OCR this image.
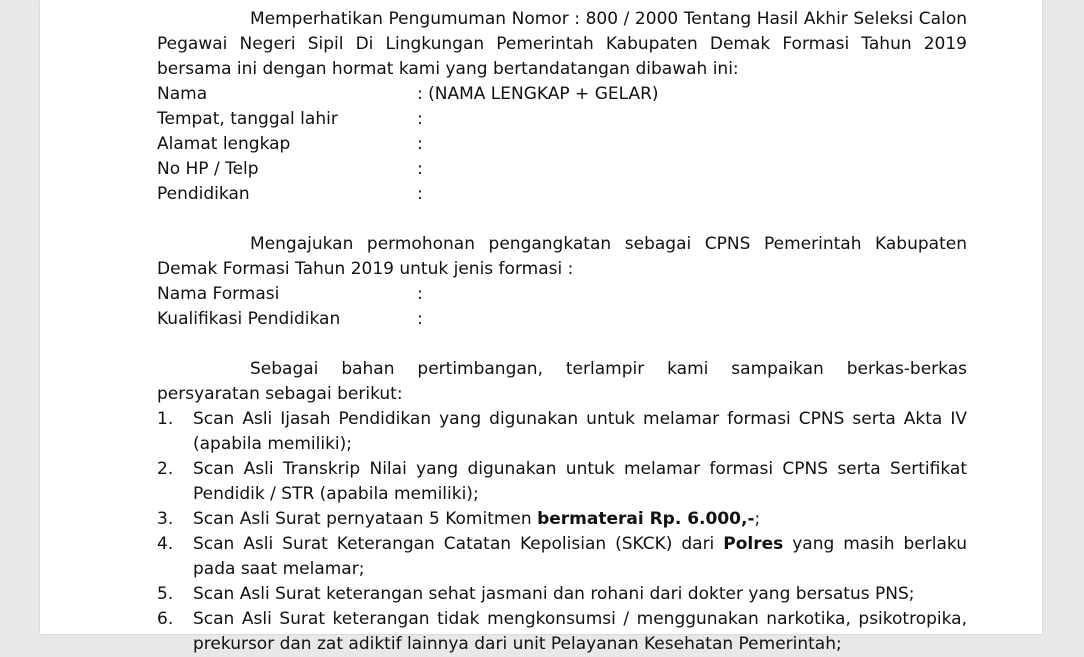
Memperhatikan Pengumuman Nomor : 800 / 2000 Tentang Hasil Akhir Seleksi Calon Pegawai Negeri Sipil Di Lingkungan Pemerintah Kabupaten Demak Formasi Tahun 2019 bersama ini dengan hormat kami yang bertandatangan dibawah ini:
Nama	: (NAMA LENGKAP + GELAR)
Tempat, tanggal lahir	:
Alamat lengkap	:
No HP / Telp	:
Pendidikan	:
Mengajukan permohonan pengangkatan sebagai CPNS Pemerintah Kabupaten Demak Formasi Tahun 2019 untuk jenis formasi :
Nama Formasi	:
Kualifikasi Pendidikan	:
Sebagai bahan pertimbangan, terlampir kami sampaikan berkas-berkas persyaratan sebagai berikut:
1.	Scan Asli Ijasah Pendidikan yang digunakan untuk melamar formasi CPNS serta Akta IV (apabila memiliki);
2.	Scan Asli Transkrip Nilai yang digunakan untuk melamar formasi CPNS serta Sertifikat Pendidik / STR (apabila memiliki);
3.	Scan Asli Surat pernyataan 5 Komitmen bermaterai Rp. 6.000,-;
4.	Scan Asli Surat Keterangan Catatan Kepolisian (SKCK) dari Polres yang masih berlaku pada saat melamar;
5.	Scan Asli Surat keterangan sehat jasmani dan rohani dari dokter yang bersatus PNS;
6.	Scan Asli Surat keterangan tidak mengkonsumsi / menggunakan narkotika, psikotropika, prekursor dan zat adiktif lainnya dari unit Pelayanan Kesehatan Pemerintah;
